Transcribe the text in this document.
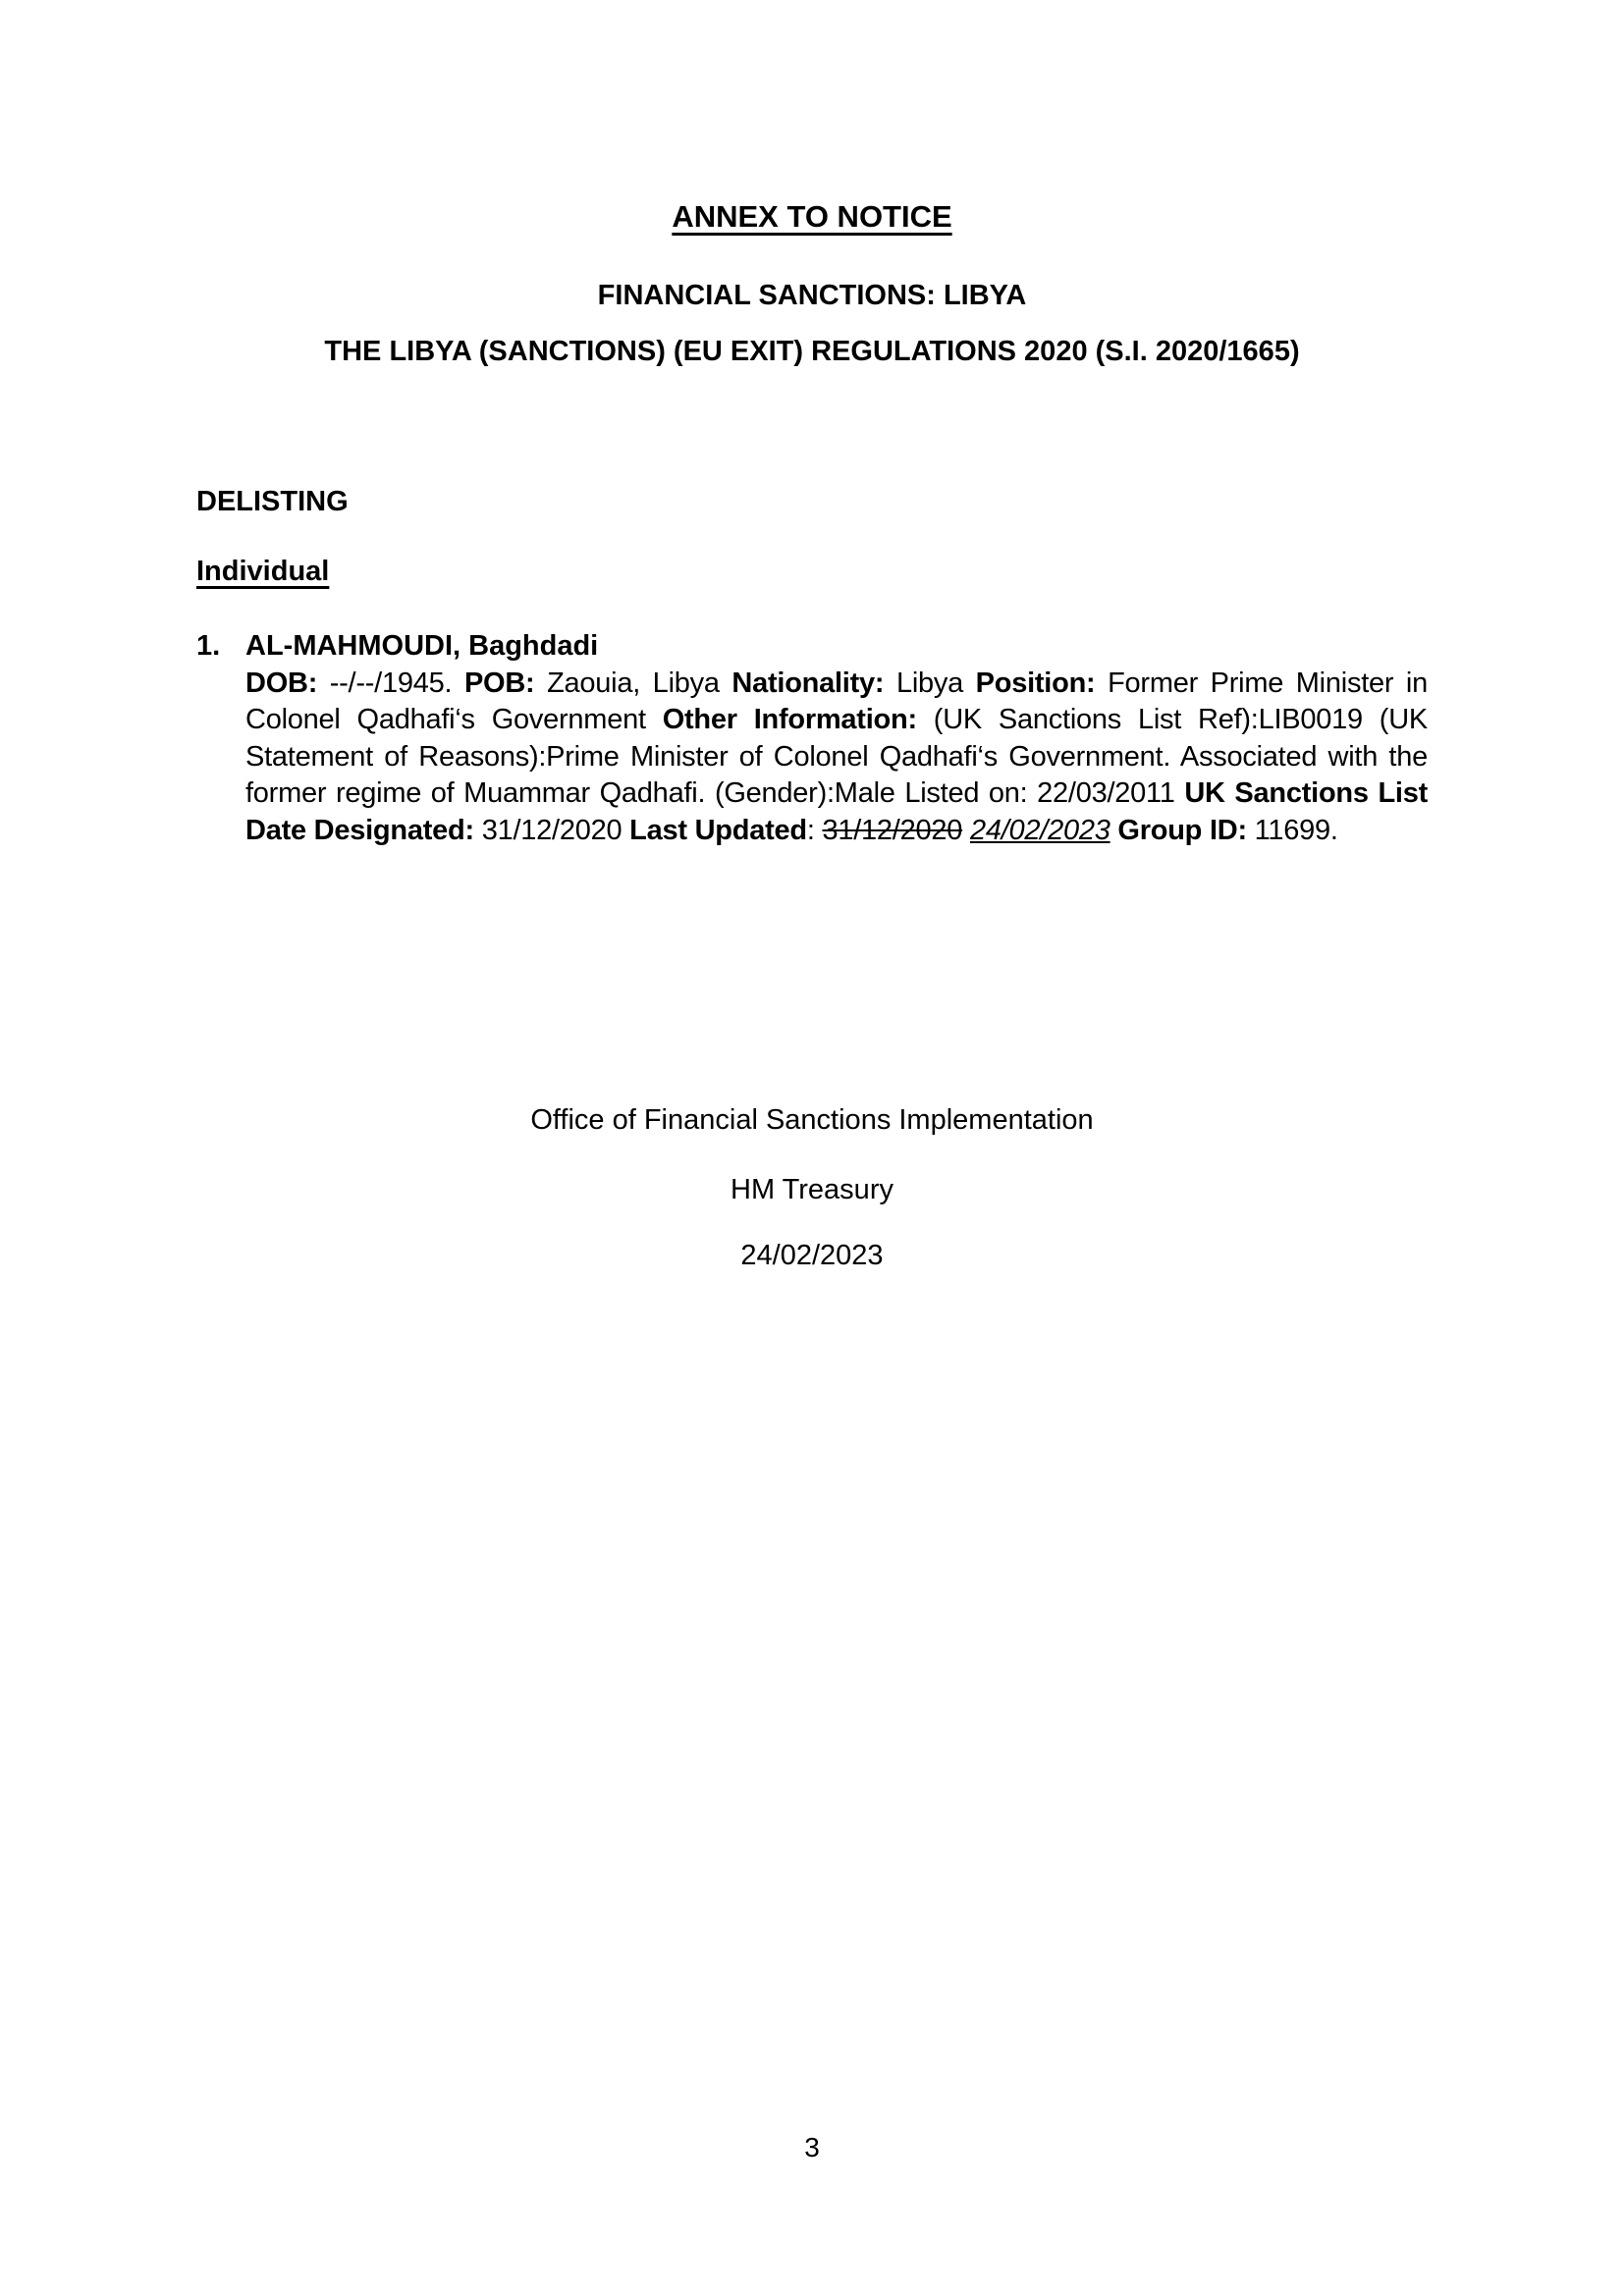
ANNEX TO NOTICE
FINANCIAL SANCTIONS: LIBYA
THE LIBYA (SANCTIONS) (EU EXIT) REGULATIONS 2020 (S.I. 2020/1665)
DELISTING
Individual
1. AL-MAHMOUDI, Baghdadi
DOB: --/--/1945. POB: Zaouia, Libya Nationality: Libya Position: Former Prime Minister in Colonel Qadhafi‘s Government Other Information: (UK Sanctions List Ref):LIB0019 (UK Statement of Reasons):Prime Minister of Colonel Qadhafi‘s Government. Associated with the former regime of Muammar Qadhafi. (Gender):Male Listed on: 22/03/2011 UK Sanctions List Date Designated: 31/12/2020 Last Updated: 31/12/2020 24/02/2023 Group ID: 11699.
Office of Financial Sanctions Implementation
HM Treasury
24/02/2023
3
